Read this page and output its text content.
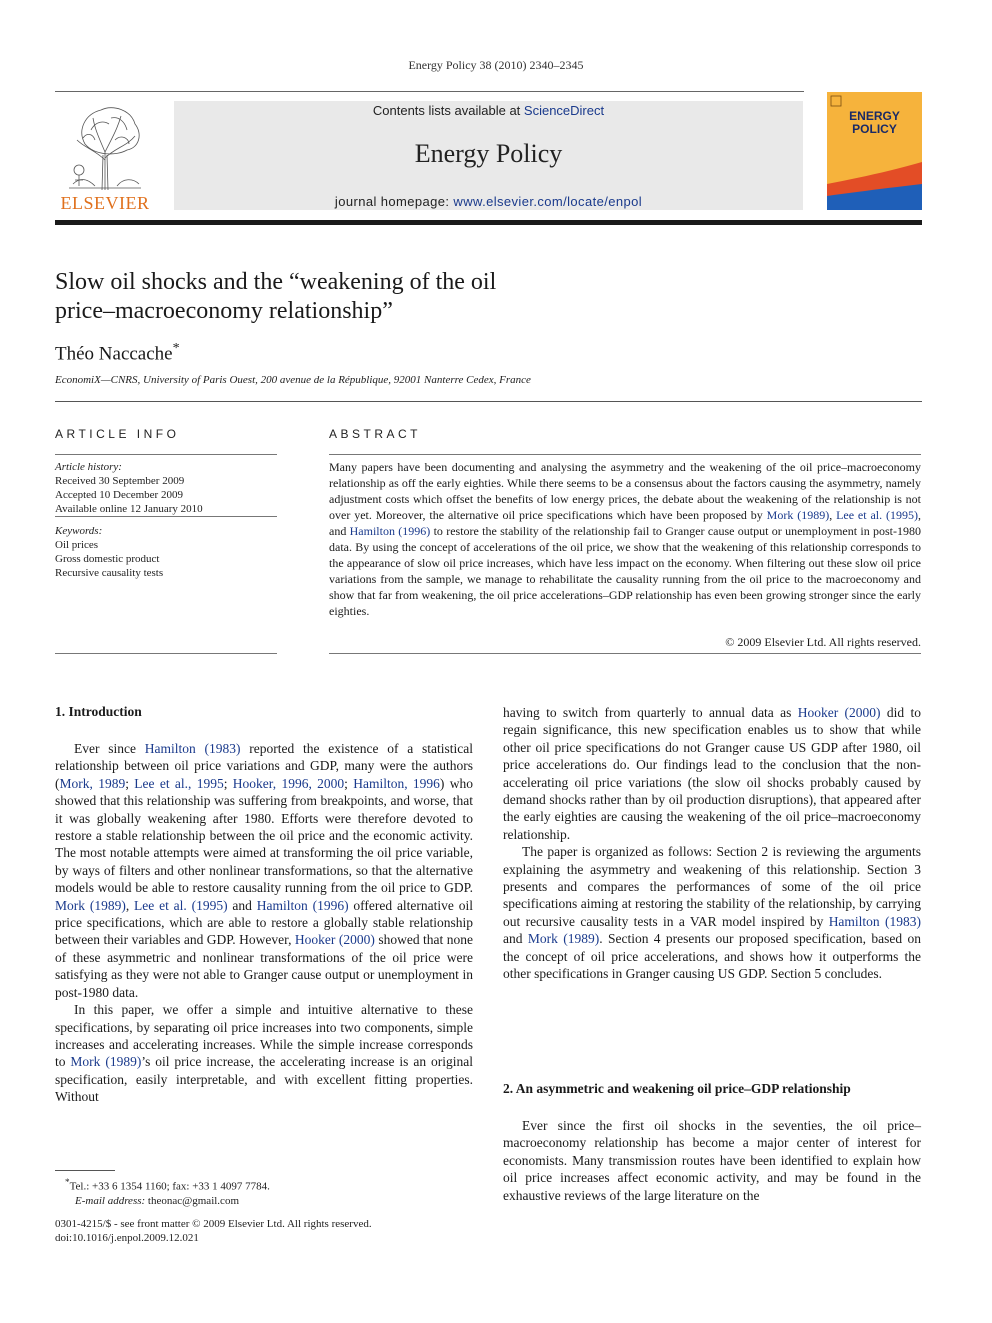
Energy Policy 38 (2010) 2340–2345
ELSEVIER
Contents lists available at ScienceDirect
Energy Policy
journal homepage: www.elsevier.com/locate/enpol
ENERGY
POLICY
Slow oil shocks and the “weakening of the oil
price–macroeconomy relationship”
Théo Naccache*
EconomiX—CNRS, University of Paris Ouest, 200 avenue de la République, 92001 Nanterre Cedex, France
ARTICLE INFO
Article history:
Received 30 September 2009
Accepted 10 December 2009
Available online 12 January 2010
Keywords:
Oil prices
Gross domestic product
Recursive causality tests
ABSTRACT
Many papers have been documenting and analysing the asymmetry and the weakening of the oil price–macroeconomy relationship as off the early eighties. While there seems to be a consensus about the factors causing the asymmetry, namely adjustment costs which offset the benefits of low energy prices, the debate about the weakening of the relationship is not over yet. Moreover, the alternative oil price specifications which have been proposed by Mork (1989), Lee et al. (1995), and Hamilton (1996) to restore the stability of the relationship fail to Granger cause output or unemployment in post-1980 data. By using the concept of accelerations of the oil price, we show that the weakening of this relationship corresponds to the appearance of slow oil price increases, which have less impact on the economy. When filtering out these slow oil price variations from the sample, we manage to rehabilitate the causality running from the oil price to the macroeconomy and show that far from weakening, the oil price accelerations–GDP relationship has even been growing stronger since the early eighties.
© 2009 Elsevier Ltd. All rights reserved.
1. Introduction

Ever since Hamilton (1983) reported the existence of a statistical relationship between oil price variations and GDP, many were the authors (Mork, 1989; Lee et al., 1995; Hooker, 1996, 2000; Hamilton, 1996) who showed that this relationship was suffering from breakpoints, and worse, that it was globally weakening after 1980. Efforts were therefore devoted to restore a stable relationship between the oil price and the economic activity. The most notable attempts were aimed at transforming the oil price variable, by ways of filters and other nonlinear transformations, so that the alternative models would be able to restore causality running from the oil price to GDP. Mork (1989), Lee et al. (1995) and Hamilton (1996) offered alternative oil price specifications, which are able to restore a globally stable relationship between their variables and GDP. However, Hooker (2000) showed that none of these asymmetric and nonlinear transformations of the oil price were satisfying as they were not able to Granger cause output or unemployment in post-1980 data.

In this paper, we offer a simple and intuitive alternative to these specifications, by separating oil price increases into two components, simple increases and accelerating increases. While the simple increase corresponds to Mork (1989)’s oil price increase, the accelerating increase is an original specification, easily interpretable, and with excellent fitting properties. Without

*Tel.: +33 6 1354 1160; fax: +33 1 4097 7784.
E-mail address: theonac@gmail.com
0301-4215/$ - see front matter © 2009 Elsevier Ltd. All rights reserved.
doi:10.1016/j.enpol.2009.12.021

having to switch from quarterly to annual data as Hooker (2000) did to regain significance, this new specification enables us to show that while other oil price specifications do not Granger cause US GDP after 1980, oil price accelerations do. Our findings lead to the conclusion that the non-accelerating oil price variations (the slow oil shocks probably caused by demand shocks rather than by oil production disruptions), that appeared after the early eighties are causing the weakening of the oil price–macroeconomy relationship.

The paper is organized as follows: Section 2 is reviewing the arguments explaining the asymmetry and weakening of this relationship. Section 3 presents and compares the performances of some of the oil price specifications aiming at restoring the stability of the relationship, by carrying out recursive causality tests in a VAR model inspired by Hamilton (1983) and Mork (1989). Section 4 presents our proposed specification, based on the concept of oil price accelerations, and shows how it outperforms the other specifications in Granger causing US GDP. Section 5 concludes.

2. An asymmetric and weakening oil price–GDP relationship

Ever since the first oil shocks in the seventies, the oil price–macroeconomy relationship has become a major center of interest for economists. Many transmission routes have been identified to explain how oil price increases affect economic activity, and may be found in the exhaustive reviews of the large literature on the
